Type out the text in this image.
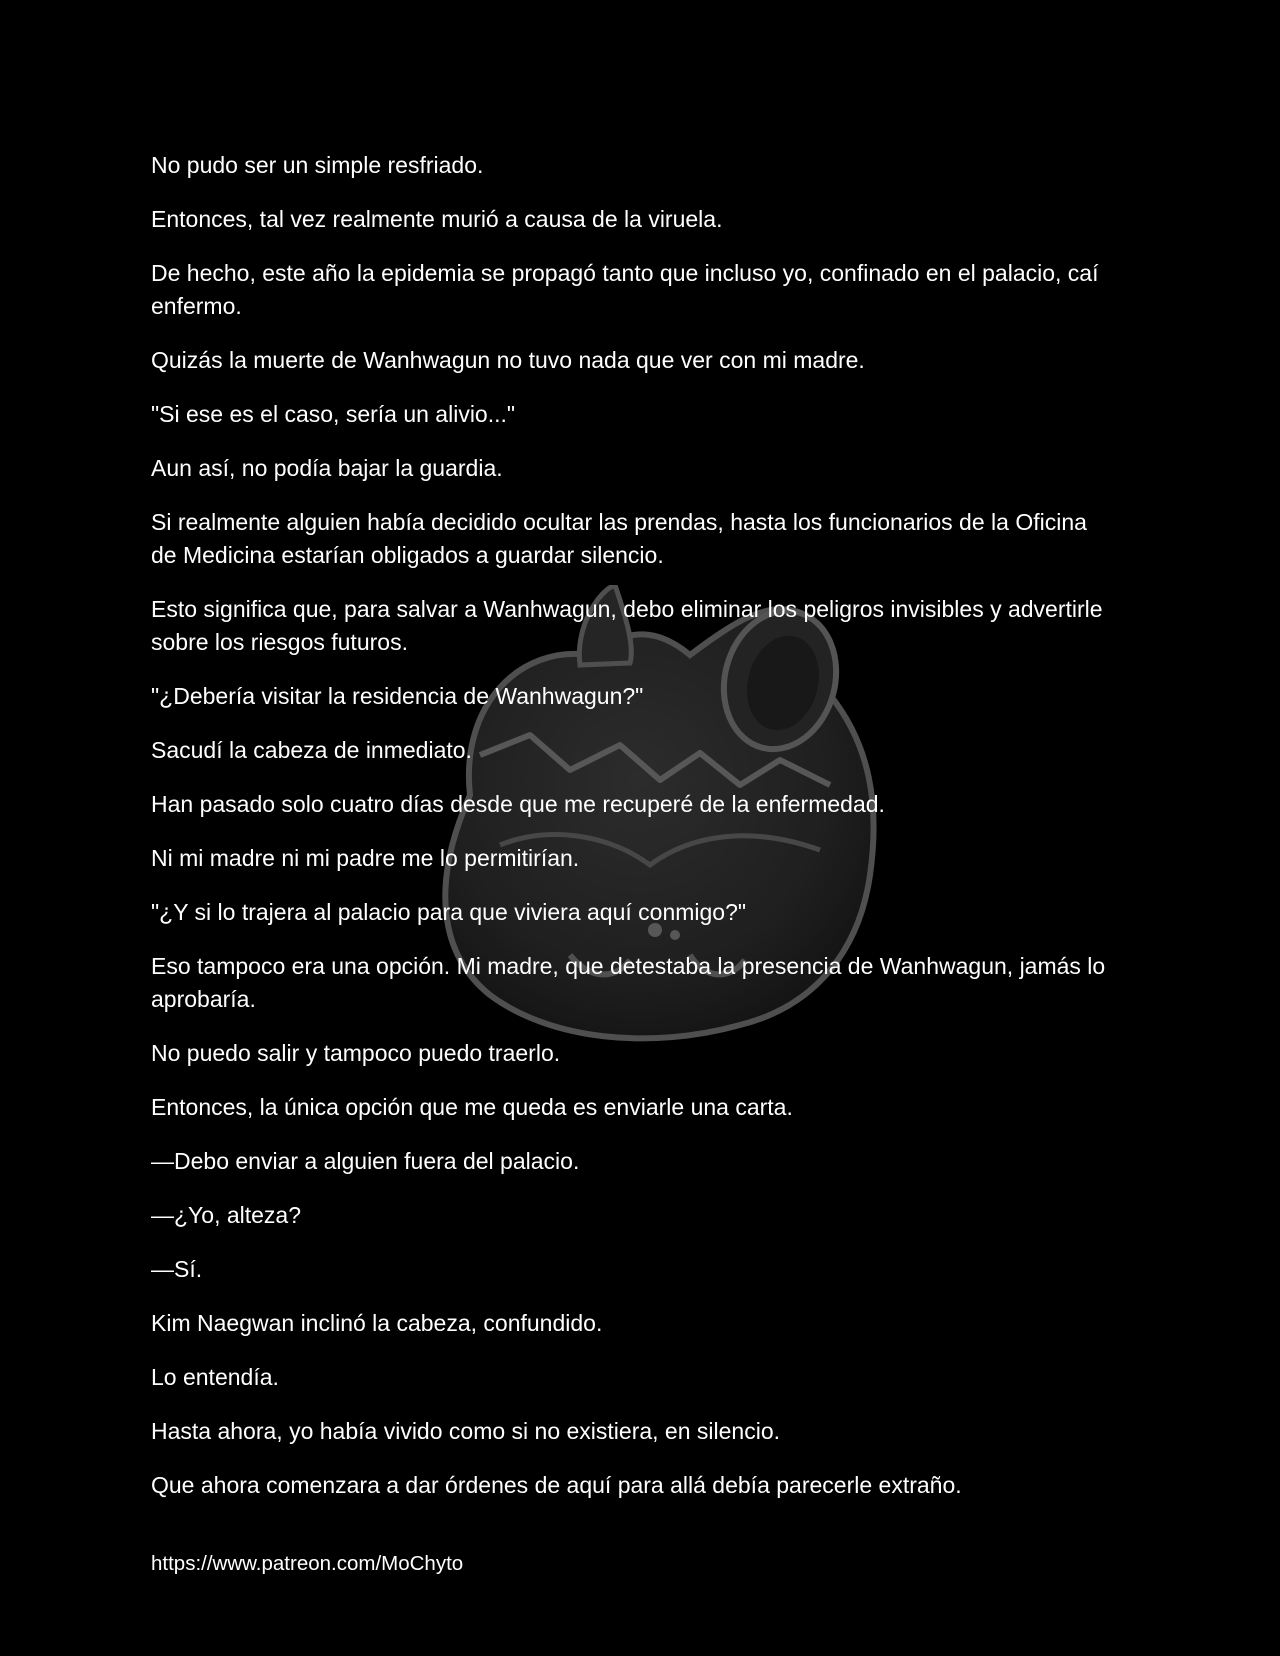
No pudo ser un simple resfriado.

Entonces, tal vez realmente murió a causa de la viruela.

De hecho, este año la epidemia se propagó tanto que incluso yo, confinado en el palacio, caí enfermo.

Quizás la muerte de Wanhwagun no tuvo nada que ver con mi madre.

"Si ese es el caso, sería un alivio..."

Aun así, no podía bajar la guardia.

Si realmente alguien había decidido ocultar las prendas, hasta los funcionarios de la Oficina de Medicina estarían obligados a guardar silencio.

Esto significa que, para salvar a Wanhwagun, debo eliminar los peligros invisibles y advertirle sobre los riesgos futuros.

"¿Debería visitar la residencia de Wanhwagun?"

Sacudí la cabeza de inmediato.

Han pasado solo cuatro días desde que me recuperé de la enfermedad.

Ni mi madre ni mi padre me lo permitirían.

"¿Y si lo trajera al palacio para que viviera aquí conmigo?"

Eso tampoco era una opción. Mi madre, que detestaba la presencia de Wanhwagun, jamás lo aprobaría.

No puedo salir y tampoco puedo traerlo.

Entonces, la única opción que me queda es enviarle una carta.

—Debo enviar a alguien fuera del palacio.

—¿Yo, alteza?

—Sí.

Kim Naegwan inclinó la cabeza, confundido.

Lo entendía.

Hasta ahora, yo había vivido como si no existiera, en silencio.

Que ahora comenzara a dar órdenes de aquí para allá debía parecerle extraño.

https://www.patreon.com/MoChyto
